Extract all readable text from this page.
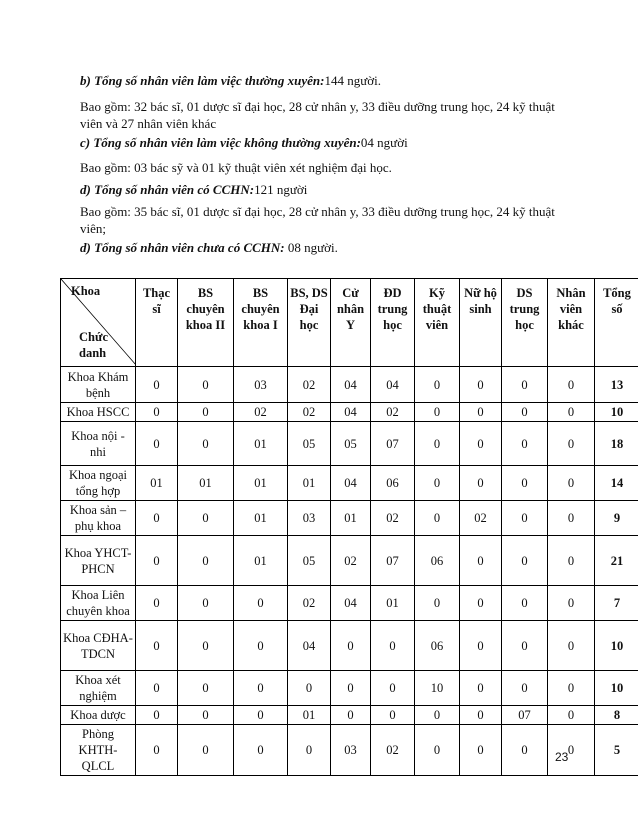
b) Tổng số nhân viên làm việc thường xuyên:144 người.
Bao gồm: 32 bác sĩ, 01 dược sĩ đại học, 28 cử nhân y, 33 điều dưỡng trung học, 24 kỹ thuật viên và 27 nhân viên khác
c) Tổng số nhân viên làm việc không thường xuyên:04 người
Bao gồm: 03 bác sỹ và 01 kỹ thuật viên xét nghiệm đại học.
d) Tổng số nhân viên có CCHN:121 người
Bao gồm: 35 bác sĩ, 01 dược sĩ đại học, 28 cử nhân y, 33 điều dưỡng trung học, 24 kỹ thuật viên;
d) Tổng số nhân viên chưa có CCHN: 08 người.
Khoa
Chức danh	Thạc sĩ	BS chuyên khoa II	BS chuyên khoa I	BS, DS Đại học	Cử nhân Y	ĐD trung học	Kỹ thuật viên	Nữ hộ sinh	DS trung học	Nhân viên khác	Tổng số
Khoa Khám bệnh	0	0	03	02	04	04	0	0	0	0	13
Khoa HSCC	0	0	02	02	04	02	0	0	0	0	10
Khoa nội - nhi	0	0	01	05	05	07	0	0	0	0	18
Khoa ngoại tổng hợp	01	01	01	01	04	06	0	0	0	0	14
Khoa sản – phụ khoa	0	0	01	03	01	02	0	02	0	0	9
Khoa YHCT-PHCN	0	0	01	05	02	07	06	0	0	0	21
Khoa Liên chuyên khoa	0	0	0	02	04	01	0	0	0	0	7
Khoa CĐHA-TDCN	0	0	0	04	0	0	06	0	0	0	10
Khoa xét nghiệm	0	0	0	0	0	0	10	0	0	0	10
Khoa dược	0	0	0	01	0	0	0	0	07	0	8
Phòng KHTH-QLCL	0	0	0	0	03	02	0	0	0	0	5
23
